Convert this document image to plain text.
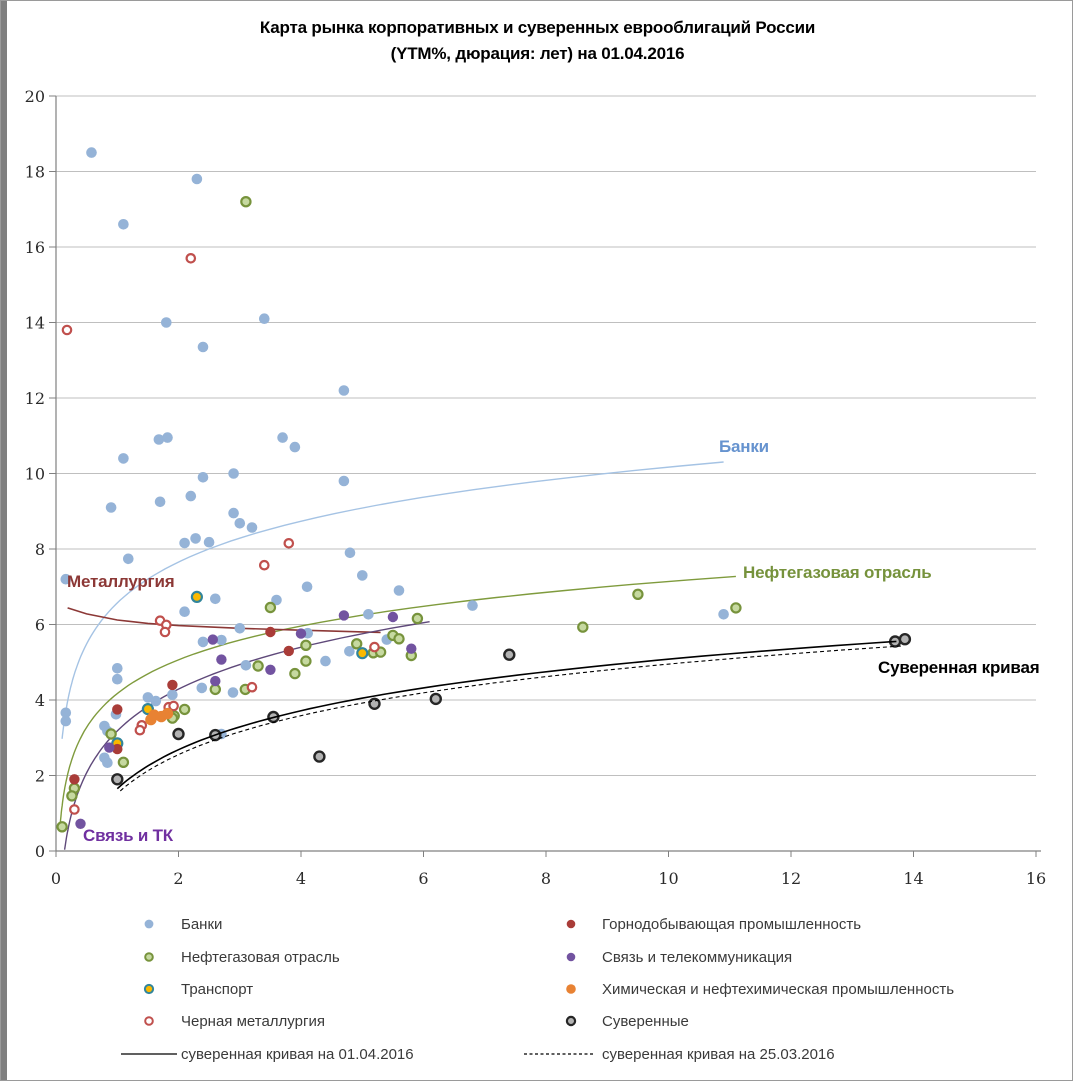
Карта рынка корпоративных и суверенных еврооблигаций России
(YTM%, дюрация: лет) на 01.04.2016
0
2
4
6
8
10
12
14
16
18
20
0	2	4	6	8	10	12	14	16
Металлургия
Банки
Нефтегазовая отрасль
Связь и ТК
Суверенная кривая
Банки
Нефтегазовая отрасль
Транспорт
Черная металлургия
суверенная кривая на 01.04.2016
Горнодобывающая промышленность
Связь и телекоммуникация
Химическая и нефтехимическая промышленность
Суверенные
суверенная кривая на 25.03.2016
